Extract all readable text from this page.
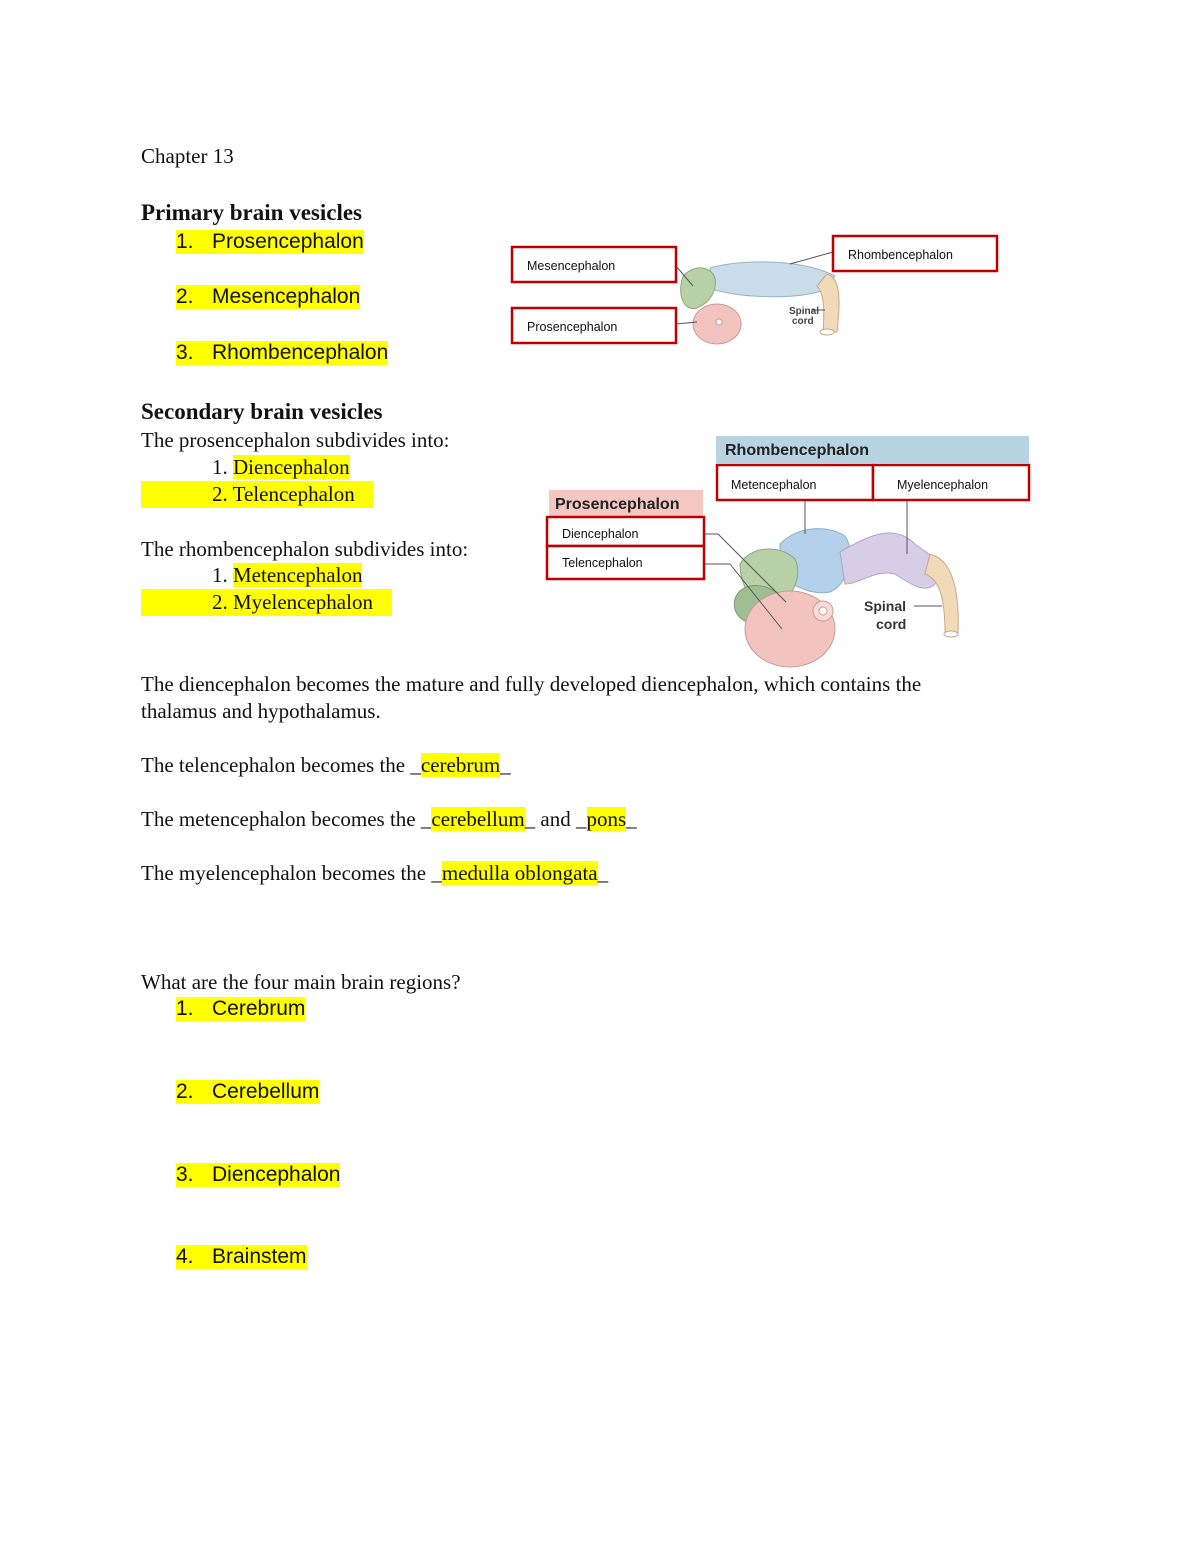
Chapter 13
Primary brain vesicles
1. Prosencephalon
2. Mesencephalon
3. Rhombencephalon
Secondary brain vesicles
The prosencephalon subdivides into:
1. Diencephalon
2. Telencephalon
The rhombencephalon subdivides into:
1. Metencephalon
2. Myelencephalon
The diencephalon becomes the mature and fully developed diencephalon, which contains the
thalamus and hypothalamus.
The telencephalon becomes the _cerebrum_
The metencephalon becomes the _cerebellum_ and _pons_
The myelencephalon becomes the _medulla oblongata_
What are the four main brain regions?
1. Cerebrum
2. Cerebellum
3. Diencephalon
4. Brainstem
Spinal
cord
Mesencephalon
Prosencephalon
Rhombencephalon
Rhombencephalon
Prosencephalon
Spinal
cord
Metencephalon	Myelencephalon
Diencephalon
Telencephalon
